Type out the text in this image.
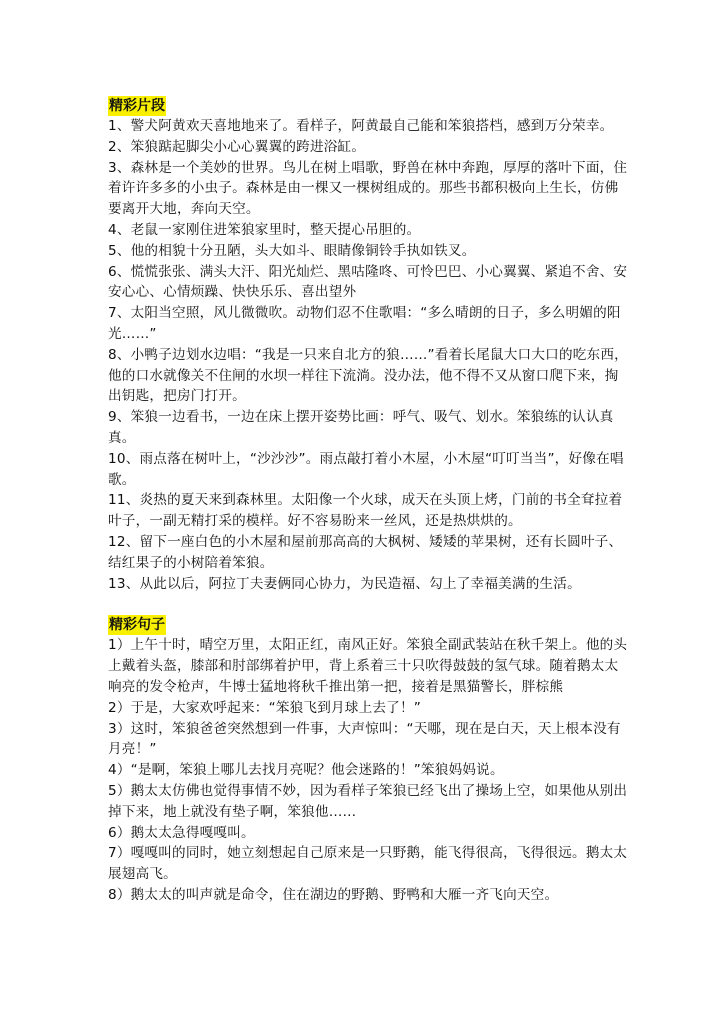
精彩片段

1、警犬阿黄欢天喜地地来了。看样子，阿黄最自己能和笨狼搭档，感到万分荣幸。

2、笨狼踮起脚尖小心心翼翼的跨进浴缸。

3、森林是一个美妙的世界。鸟儿在树上唱歌，野兽在林中奔跑，厚厚的落叶下面，住着许许多多的小虫子。森林是由一棵又一棵树组成的。那些书都积极向上生长，仿佛要离开大地，奔向天空。

4、老鼠一家刚住进笨狼家里时，整天提心吊胆的。

5、他的相貌十分丑陋，头大如斗、眼睛像铜铃手执如铁叉。

6、慌慌张张、满头大汗、阳光灿烂、黑咕隆咚、可怜巴巴、小心翼翼、紧追不舍、安安心心、心情烦躁、快快乐乐、喜出望外

7、太阳当空照，风儿微微吹。动物们忍不住歌唱：“多么晴朗的日子，多么明媚的阳光……”

8、小鸭子边划水边唱：“我是一只来自北方的狼……”看着长尾鼠大口大口的吃东西，他的口水就像关不住闸的水坝一样往下流淌。没办法，他不得不又从窗口爬下来，掏出钥匙，把房门打开。

9、笨狼一边看书，一边在床上摆开姿势比画：呼气、吸气、划水。笨狼练的认认真真。

10、雨点落在树叶上，“沙沙沙”。雨点敲打着小木屋，小木屋“叮叮当当”，好像在唱歌。

11、炎热的夏天来到森林里。太阳像一个火球，成天在头顶上烤，门前的书全耷拉着叶子，一副无精打采的模样。好不容易盼来一丝风，还是热烘烘的。

12、留下一座白色的小木屋和屋前那高高的大枫树、矮矮的苹果树，还有长圆叶子、结红果子的小树陪着笨狼。

13、从此以后，阿拉丁夫妻俩同心协力，为民造福、勾上了幸福美满的生活。

精彩句子

1）上午十时，晴空万里，太阳正红，南风正好。笨狼全副武装站在秋千架上。他的头上戴着头盔，膝部和肘部绑着护甲，背上系着三十只吹得鼓鼓的氢气球。随着鹅太太响亮的发令枪声，牛博士猛地将秋千推出第一把，接着是黑猫警长，胖棕熊

2）于是，大家欢呼起来：“笨狼飞到月球上去了！”

3）这时，笨狼爸爸突然想到一件事，大声惊叫：“天哪，现在是白天，天上根本没有月亮！”

4）“是啊，笨狼上哪儿去找月亮呢？他会迷路的！”笨狼妈妈说。

5）鹅太太仿佛也觉得事情不妙，因为看样子笨狼已经飞出了操场上空，如果他从别出掉下来，地上就没有垫子啊，笨狼他……

6）鹅太太急得嘎嘎叫。

7）嘎嘎叫的同时，她立刻想起自己原来是一只野鹅，能飞得很高，飞得很远。鹅太太展翅高飞。

8）鹅太太的叫声就是命令，住在湖边的野鹅、野鸭和大雁一齐飞向天空。
